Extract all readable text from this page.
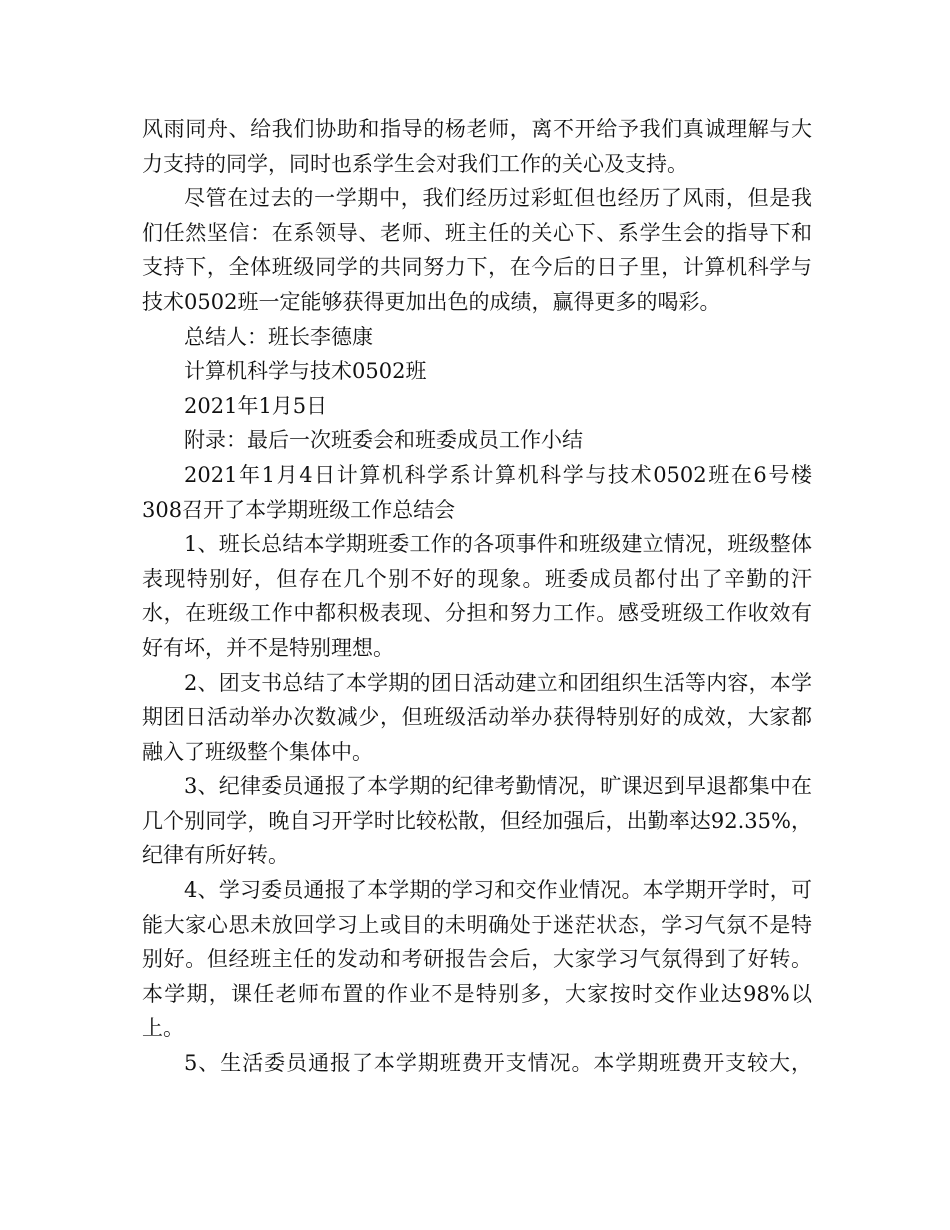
风雨同舟、给我们协助和指导的杨老师，离不开给予我们真诚理解与大力支持的同学，同时也系学生会对我们工作的关心及支持。

尽管在过去的一学期中，我们经历过彩虹但也经历了风雨，但是我们任然坚信：在系领导、老师、班主任的关心下、系学生会的指导下和支持下，全体班级同学的共同努力下，在今后的日子里，计算机科学与技术0502班一定能够获得更加出色的成绩，赢得更多的喝彩。

总结人：班长李德康

计算机科学与技术0502班

2021年1月5日

附录：最后一次班委会和班委成员工作小结

2021年1月4日计算机科学系计算机科学与技术0502班在6号楼308召开了本学期班级工作总结会

1、班长总结本学期班委工作的各项事件和班级建立情况，班级整体表现特别好，但存在几个别不好的现象。班委成员都付出了辛勤的汗水，在班级工作中都积极表现、分担和努力工作。感受班级工作收效有好有坏，并不是特别理想。

2、团支书总结了本学期的团日活动建立和团组织生活等内容，本学期团日活动举办次数减少，但班级活动举办获得特别好的成效，大家都融入了班级整个集体中。

3、纪律委员通报了本学期的纪律考勤情况，旷课迟到早退都集中在几个别同学，晚自习开学时比较松散，但经加强后，出勤率达92.35%，纪律有所好转。

4、学习委员通报了本学期的学习和交作业情况。本学期开学时，可能大家心思未放回学习上或目的未明确处于迷茫状态，学习气氛不是特别好。但经班主任的发动和考研报告会后，大家学习气氛得到了好转。本学期，课任老师布置的作业不是特别多，大家按时交作业达98%以上。

5、生活委员通报了本学期班费开支情况。本学期班费开支较大，
